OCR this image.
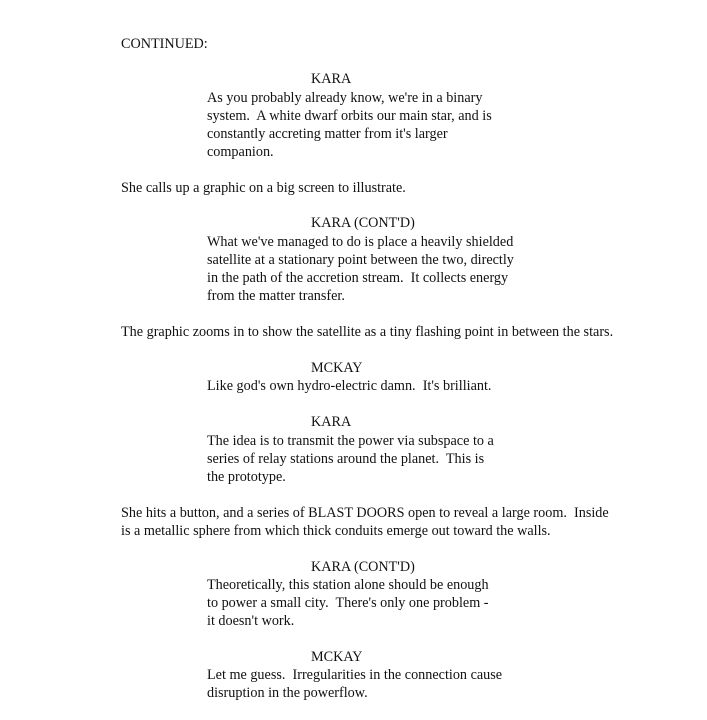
CONTINUED:

KARA

As you probably already know, we're in a binary

system.  A white dwarf orbits our main star, and is

constantly accreting matter from it's larger

companion.

She calls up a graphic on a big screen to illustrate.

KARA (CONT'D)

What we've managed to do is place a heavily shielded

satellite at a stationary point between the two, directly

in the path of the accretion stream.  It collects energy

from the matter transfer.

The graphic zooms in to show the satellite as a tiny flashing point in between the stars.

MCKAY

Like god's own hydro-electric damn.  It's brilliant.

KARA

The idea is to transmit the power via subspace to a

series of relay stations around the planet.  This is

the prototype.

She hits a button, and a series of BLAST DOORS open to reveal a large room.  Inside

is a metallic sphere from which thick conduits emerge out toward the walls.

KARA (CONT'D)

Theoretically, this station alone should be enough

to power a small city.  There's only one problem -

it doesn't work.

MCKAY

Let me guess.  Irregularities in the connection cause

disruption in the powerflow.
